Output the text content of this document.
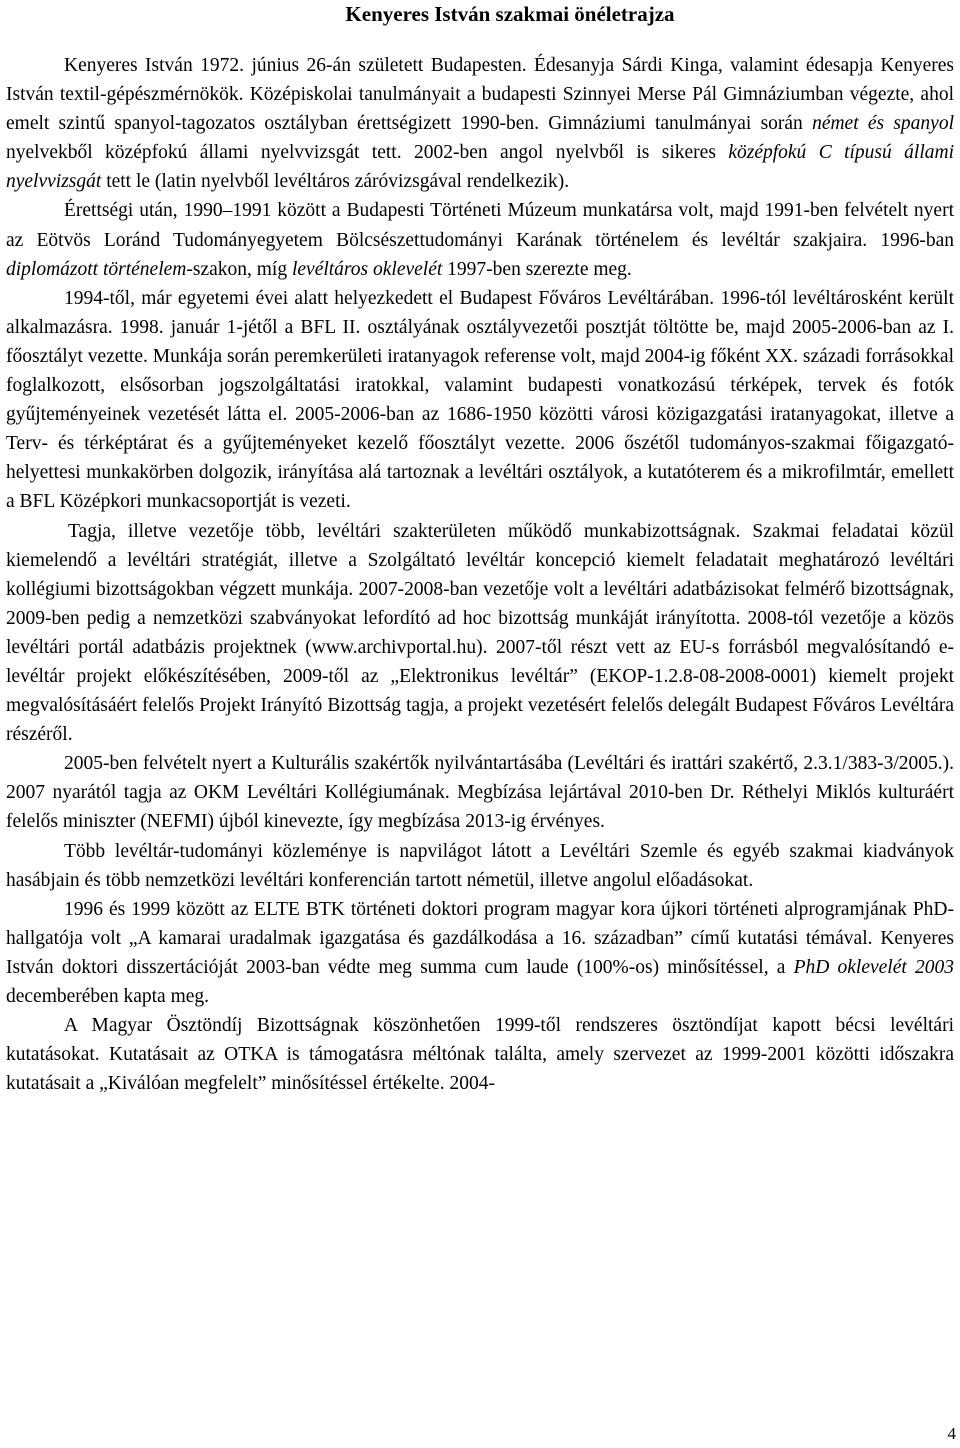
Kenyeres István szakmai önéletrajza

Kenyeres István 1972. június 26-án született Budapesten. Édesanyja Sárdi Kinga, valamint édesapja Kenyeres István textil-gépészmérnökök. Középiskolai tanulmányait a budapesti Szinnyei Merse Pál Gimnáziumban végezte, ahol emelt szintű spanyol-tagozatos osztályban érettségizett 1990-ben. Gimnáziumi tanulmányai során német és spanyol nyelvekből középfokú állami nyelvvizsgát tett. 2002-ben angol nyelvből is sikeres középfokú C típusú állami nyelvvizsgát tett le (latin nyelvből levéltáros záróvizsgával rendelkezik).

Érettségi után, 1990–1991 között a Budapesti Történeti Múzeum munkatársa volt, majd 1991-ben felvételt nyert az Eötvös Loránd Tudományegyetem Bölcsészettudományi Karának történelem és levéltár szakjaira. 1996-ban diplomázott történelem-szakon, míg levéltáros oklevelét 1997-ben szerezte meg.

1994-től, már egyetemi évei alatt helyezkedett el Budapest Főváros Levéltárában. 1996-tól levéltárosként került alkalmazásra. 1998. január 1-jétől a BFL II. osztályának osztályvezetői posztját töltötte be, majd 2005-2006-ban az I. főosztályt vezette. Munkája során peremkerületi iratanyagok referense volt, majd 2004-ig főként XX. századi forrásokkal foglalkozott, elsősorban jogszolgáltatási iratokkal, valamint budapesti vonatkozású térképek, tervek és fotók gyűjteményeinek vezetését látta el. 2005-2006-ban az 1686-1950 közötti városi közigazgatási iratanyagokat, illetve a Terv- és térképtárat és a gyűjteményeket kezelő főosztályt vezette. 2006 őszétől tudományos-szakmai főigazgató-helyettesi munkakörben dolgozik, irányítása alá tartoznak a levéltári osztályok, a kutatóterem és a mikrofilmtár, emellett a BFL Középkori munkacsoportját is vezeti.

Tagja, illetve vezetője több, levéltári szakterületen működő munkabizottságnak. Szakmai feladatai közül kiemelendő a levéltári stratégiát, illetve a Szolgáltató levéltár koncepció kiemelt feladatait meghatározó levéltári kollégiumi bizottságokban végzett munkája. 2007-2008-ban vezetője volt a levéltári adatbázisokat felmérő bizottságnak, 2009-ben pedig a nemzetközi szabványokat lefordító ad hoc bizottság munkáját irányította. 2008-tól vezetője a közös levéltári portál adatbázis projektnek (www.archivportal.hu). 2007-től részt vett az EU-s forrásból megvalósítandó e-levéltár projekt előkészítésében, 2009-től az „Elektronikus levéltár” (EKOP-1.2.8-08-2008-0001) kiemelt projekt megvalósításáért felelős Projekt Irányító Bizottság tagja, a projekt vezetésért felelős delegált Budapest Főváros Levéltára részéről.

2005-ben felvételt nyert a Kulturális szakértők nyilvántartásába (Levéltári és irattári szakértő, 2.3.1/383-3/2005.). 2007 nyarától tagja az OKM Levéltári Kollégiumának. Megbízása lejártával 2010-ben Dr. Réthelyi Miklós kulturáért felelős miniszter (NEFMI) újból kinevezte, így megbízása 2013-ig érvényes.

Több levéltár-tudományi közleménye is napvilágot látott a Levéltári Szemle és egyéb szakmai kiadványok hasábjain és több nemzetközi levéltári konferencián tartott németül, illetve angolul előadásokat.

1996 és 1999 között az ELTE BTK történeti doktori program magyar kora újkori történeti alprogramjának PhD-hallgatója volt „A kamarai uradalmak igazgatása és gazdálkodása a 16. században” című kutatási témával. Kenyeres István doktori disszertációját 2003-ban védte meg summa cum laude (100%-os) minősítéssel, a PhD oklevelét 2003 decemberében kapta meg.

A Magyar Ösztöndíj Bizottságnak köszönhetően 1999-től rendszeres ösztöndíjat kapott bécsi levéltári kutatásokat. Kutatásait az OTKA is támogatásra méltónak találta, amely szervezet az 1999-2001 közötti időszakra kutatásait a „Kiválóan megfelelt” minősítéssel értékelte. 2004-

4
